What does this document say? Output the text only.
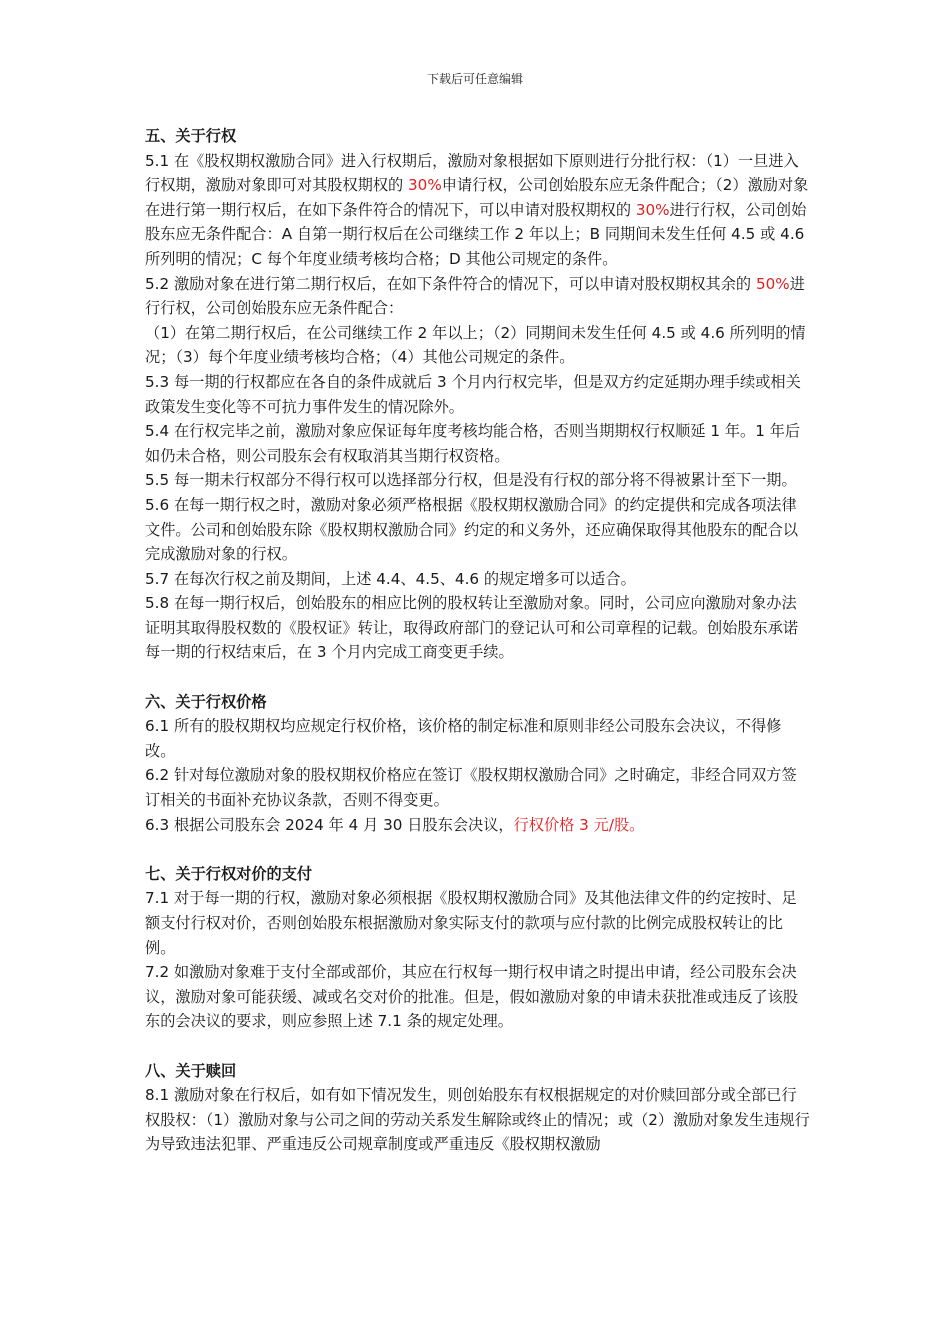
下载后可任意编辑
五、关于行权

5.1 在《股权期权激励合同》进入行权期后，激励对象根据如下原则进行分批行权：（1）一旦进入行权期，激励对象即可对其股权期权的 30%申请行权，公司创始股东应无条件配合；（2）激励对象在进行第一期行权后，在如下条件符合的情况下，可以申请对股权期权的 30%进行行权，公司创始股东应无条件配合：A 自第一期行权后在公司继续工作 2 年以上；B 同期间未发生任何 4.5 或 4.6 所列明的情况；C 每个年度业绩考核均合格；D 其他公司规定的条件。

5.2 激励对象在进行第二期行权后，在如下条件符合的情况下，可以申请对股权期权其余的 50%进行行权，公司创始股东应无条件配合：

（1）在第二期行权后，在公司继续工作 2 年以上；（2）同期间未发生任何 4.5 或 4.6 所列明的情况；（3）每个年度业绩考核均合格；（4）其他公司规定的条件。

5.3 每一期的行权都应在各自的条件成就后 3 个月内行权完毕，但是双方约定延期办理手续或相关政策发生变化等不可抗力事件发生的情况除外。

5.4 在行权完毕之前，激励对象应保证每年度考核均能合格，否则当期期权行权顺延 1 年。1 年后如仍未合格，则公司股东会有权取消其当期行权资格。

5.5 每一期未行权部分不得行权可以选择部分行权，但是没有行权的部分将不得被累计至下一期。

5.6 在每一期行权之时，激励对象必须严格根据《股权期权激励合同》的约定提供和完成各项法律文件。公司和创始股东除《股权期权激励合同》约定的和义务外，还应确保取得其他股东的配合以完成激励对象的行权。

5.7 在每次行权之前及期间，上述 4.4、4.5、4.6 的规定增多可以适合。

5.8 在每一期行权后，创始股东的相应比例的股权转让至激励对象。同时，公司应向激励对象办法证明其取得股权数的《股权证》转让，取得政府部门的登记认可和公司章程的记载。创始股东承诺每一期的行权结束后，在 3 个月内完成工商变更手续。

六、关于行权价格

6.1 所有的股权期权均应规定行权价格，该价格的制定标准和原则非经公司股东会决议，不得修改。

6.2 针对每位激励对象的股权期权价格应在签订《股权期权激励合同》之时确定，非经合同双方签订相关的书面补充协议条款，否则不得变更。

6.3 根据公司股东会 2024 年 4 月 30 日股东会决议，行权价格 3 元/股。

七、关于行权对价的支付

7.1 对于每一期的行权，激励对象必须根据《股权期权激励合同》及其他法律文件的约定按时、足额支付行权对价，否则创始股东根据激励对象实际支付的款项与应付款的比例完成股权转让的比例。

7.2 如激励对象难于支付全部或部价，其应在行权每一期行权申请之时提出申请，经公司股东会决议，激励对象可能获缓、减或名交对价的批准。但是，假如激励对象的申请未获批准或违反了该股东的会决议的要求，则应参照上述 7.1 条的规定处理。

八、关于赎回

8.1 激励对象在行权后，如有如下情况发生，则创始股东有权根据规定的对价赎回部分或全部已行权股权：（1）激励对象与公司之间的劳动关系发生解除或终止的情况；或（2）激励对象发生违规行为导致违法犯罪、严重违反公司规章制度或严重违反《股权期权激励
